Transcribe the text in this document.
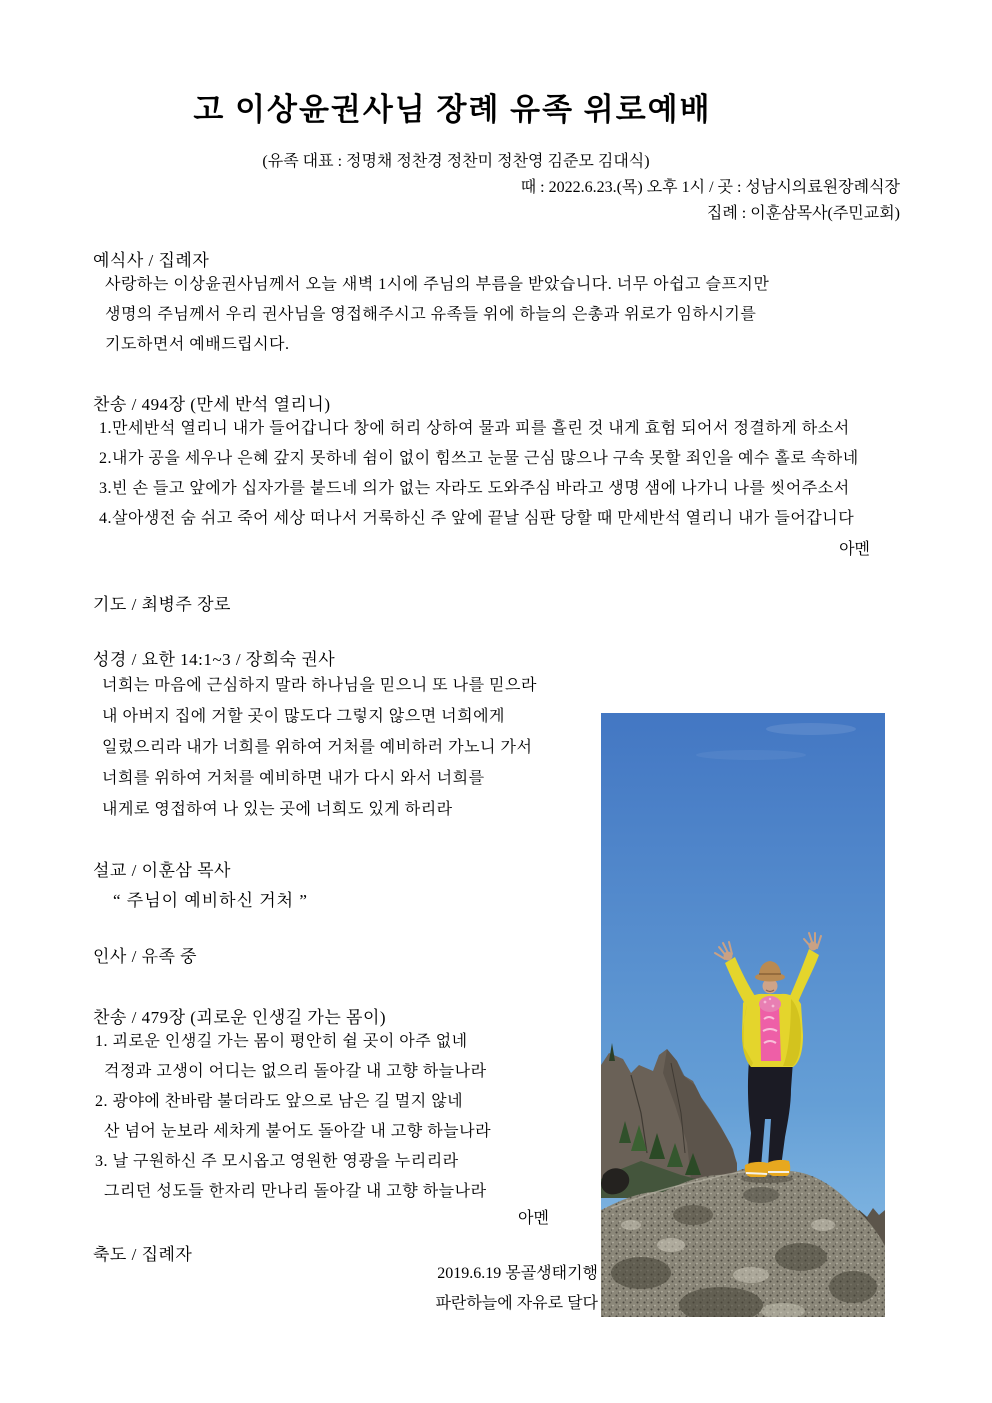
고 이상윤권사님 장례 유족 위로예배
(유족 대표 : 정명채 정찬경 정찬미 정찬영 김준모 김대식)
때 : 2022.6.23.(목) 오후 1시 / 곳 : 성남시의료원장례식장
집례 : 이훈삼목사(주민교회)
예식사 / 집례자
사랑하는 이상윤권사님께서 오늘 새벽 1시에 주님의 부름을 받았습니다. 너무 아쉽고 슬프지만
생명의 주님께서 우리 권사님을 영접해주시고 유족들 위에 하늘의 은총과 위로가 임하시기를
기도하면서 예배드립시다.
찬송 / 494장 (만세 반석 열리니)
1.만세반석 열리니 내가 들어갑니다 창에 허리 상하여 물과 피를 흘린 것 내게 효험 되어서 정결하게 하소서
2.내가 공을 세우나 은혜 갚지 못하네 쉼이 없이 힘쓰고 눈물 근심 많으나 구속 못할 죄인을 예수 홀로 속하네
3.빈 손 들고 앞에가 십자가를 붙드네 의가 없는 자라도 도와주심 바라고 생명 샘에 나가니 나를 씻어주소서
4.살아생전 숨 쉬고 죽어 세상 떠나서 거룩하신 주 앞에 끝날 심판 당할 때 만세반석 열리니 내가 들어갑니다
아멘
기도 / 최병주 장로
성경 / 요한 14:1~3 / 장희숙 권사
너희는 마음에 근심하지 말라 하나님을 믿으니 또 나를 믿으라
내 아버지 집에 거할 곳이 많도다 그렇지 않으면 너희에게
일렀으리라 내가 너희를 위하여 거처를 예비하러 가노니 가서
너희를 위하여 거처를 예비하면 내가 다시 와서 너희를
내게로 영접하여 나 있는 곳에 너희도 있게 하리라
설교 / 이훈삼 목사
“ 주님이 예비하신 거처 ”
인사 / 유족 중
찬송 / 479장 (괴로운 인생길 가는 몸이)
1. 괴로운 인생길 가는 몸이 평안히 쉴 곳이 아주 없네
걱정과 고생이 어디는 없으리 돌아갈 내 고향 하늘나라
2. 광야에 찬바람 불더라도 앞으로 남은 길 멀지 않네
산 넘어 눈보라 세차게 불어도 돌아갈 내 고향 하늘나라
3. 날 구원하신 주 모시옵고 영원한 영광을 누리리라
그리던 성도들 한자리 만나리 돌아갈 내 고향 하늘나라
아멘
축도 / 집례자
2019.6.19 몽골생태기행
파란하늘에 자유로 달다
